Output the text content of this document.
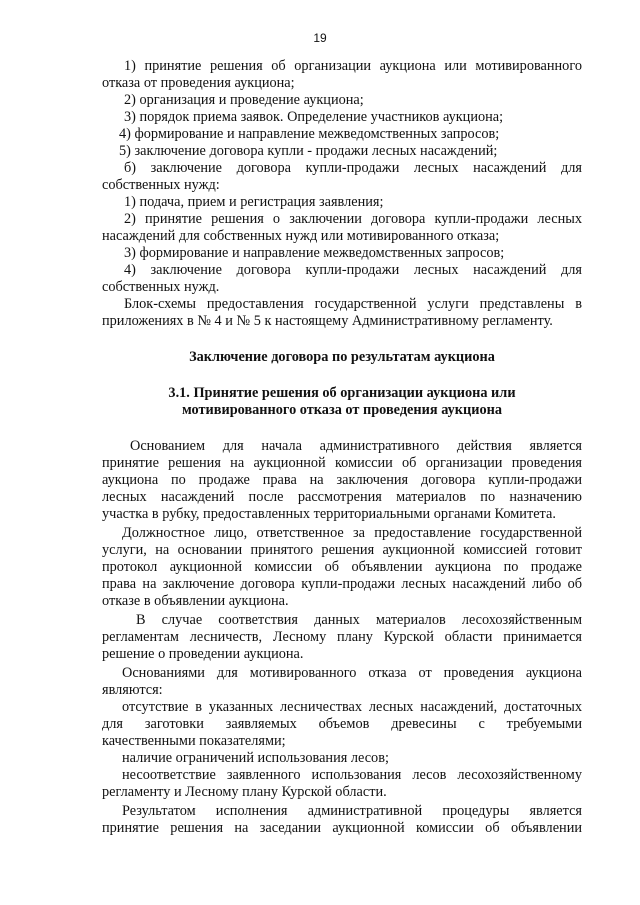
19

1) принятие решения об организации аукциона или мотивированного

отказа от проведения аукциона;

2) организация и проведение аукциона;

3) порядок приема заявок. Определение участников аукциона;

4) формирование и направление межведомственных запросов;

5) заключение договора купли - продажи лесных насаждений;

б) заключение договора купли-продажи лесных насаждений для

собственных нужд:

1) подача, прием и регистрация заявления;

2) принятие решения о заключении договора купли-продажи лесных

насаждений для собственных нужд или мотивированного отказа;

3) формирование и направление межведомственных запросов;

4) заключение договора купли-продажи лесных насаждений для

собственных нужд.

Блок-схемы предоставления государственной услуги представлены в

приложениях в № 4 и № 5 к настоящему Административному регламенту.

Заключение договора по результатам аукциона

3.1. Принятие решения об организации аукциона или

мотивированного отказа от проведения аукциона

Основанием для начала административного действия является

принятие решения на аукционной комиссии об организации проведения

аукциона по продаже права на заключения договора купли-продажи

лесных насаждений после рассмотрения материалов по назначению

участка в рубку, предоставленных территориальными органами Комитета.

Должностное лицо, ответственное за предоставление государственной

услуги, на основании принятого решения аукционной комиссией готовит

протокол аукционной комиссии об объявлении аукциона по продаже

права на заключение договора купли-продажи лесных насаждений либо об

отказе в объявлении аукциона.

В случае соответствия данных материалов лесохозяйственным

регламентам лесничеств, Лесному плану Курской области принимается

решение о проведении аукциона.

Основаниями для мотивированного отказа от проведения аукциона

являются:

отсутствие в указанных лесничествах лесных насаждений, достаточных

для заготовки заявляемых объемов древесины с требуемыми

качественными показателями;

наличие ограничений использования лесов;

несоответствие заявленного использования лесов лесохозяйственному

регламенту и Лесному плану Курской области.

Результатом исполнения административной процедуры является

принятие решения на заседании аукционной комиссии об объявлении
